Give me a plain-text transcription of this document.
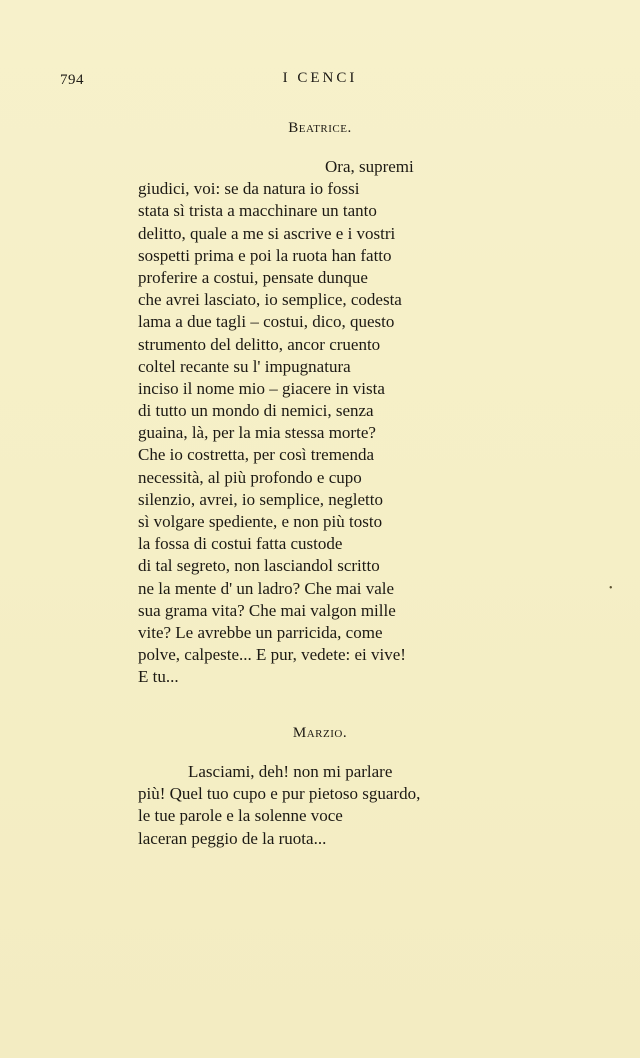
794	I CENCI
Beatrice.
Ora, supremi
giudici, voi: se da natura io fossi
stata sì trista a macchinare un tanto
delitto, quale a me si ascrive e i vostri
sospetti prima e poi la ruota han fatto
proferire a costui, pensate dunque
che avrei lasciato, io semplice, codesta
lama a due tagli – costui, dico, questo
strumento del delitto, ancor cruento
coltel recante su l' impugnatura
inciso il nome mio – giacere in vista
di tutto un mondo di nemici, senza
guaina, là, per la mia stessa morte?
Che io costretta, per così tremenda
necessità, al più profondo e cupo
silenzio, avrei, io semplice, negletto
sì volgare spediente, e non più tosto
la fossa di costui fatta custode
di tal segreto, non lasciandol scritto
ne la mente d' un ladro? Che mai vale
sua grama vita? Che mai valgon mille
vite? Le avrebbe un parricida, come
polve, calpeste... E pur, vedete: ei vive!
E tu...
Marzio.
Lasciami, deh! non mi parlare
più! Quel tuo cupo e pur pietoso sguardo,
le tue parole e la solenne voce
laceran peggio de la ruota...
•
